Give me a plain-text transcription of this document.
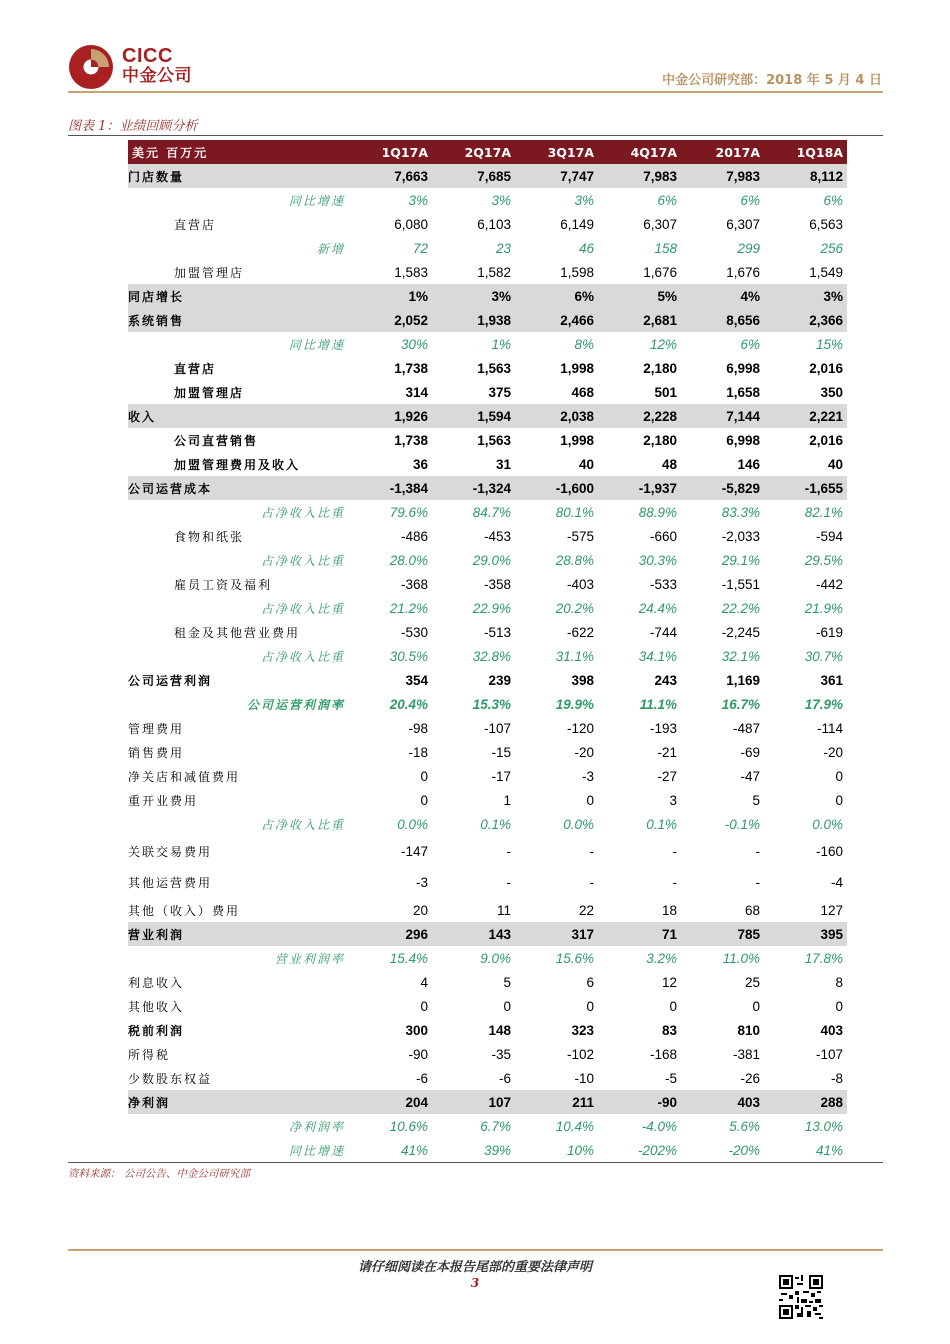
CICC
中金公司	中金公司研究部：2018 年 5 月 4 日
图表 1：业绩回顾分析
美元 百万元	1Q17A	2Q17A	3Q17A	4Q17A	2017A	1Q18A
门店数量	7,663	7,685	7,747	7,983	7,983	8,112
同比增速	3%	3%	3%	6%	6%	6%
直营店	6,080	6,103	6,149	6,307	6,307	6,563
新增	72	23	46	158	299	256
加盟管理店	1,583	1,582	1,598	1,676	1,676	1,549
同店增长	1%	3%	6%	5%	4%	3%
系统销售	2,052	1,938	2,466	2,681	8,656	2,366
同比增速	30%	1%	8%	12%	6%	15%
直营店	1,738	1,563	1,998	2,180	6,998	2,016
加盟管理店	314	375	468	501	1,658	350
收入	1,926	1,594	2,038	2,228	7,144	2,221
公司直营销售	1,738	1,563	1,998	2,180	6,998	2,016
加盟管理费用及收入	36	31	40	48	146	40
公司运营成本	-1,384	-1,324	-1,600	-1,937	-5,829	-1,655
占净收入比重	79.6%	84.7%	80.1%	88.9%	83.3%	82.1%
食物和纸张	-486	-453	-575	-660	-2,033	-594
占净收入比重	28.0%	29.0%	28.8%	30.3%	29.1%	29.5%
雇员工资及福利	-368	-358	-403	-533	-1,551	-442
占净收入比重	21.2%	22.9%	20.2%	24.4%	22.2%	21.9%
租金及其他营业费用	-530	-513	-622	-744	-2,245	-619
占净收入比重	30.5%	32.8%	31.1%	34.1%	32.1%	30.7%
公司运营利润	354	239	398	243	1,169	361
公司运营利润率	20.4%	15.3%	19.9%	11.1%	16.7%	17.9%
管理费用	-98	-107	-120	-193	-487	-114
销售费用	-18	-15	-20	-21	-69	-20
净关店和减值费用	0	-17	-3	-27	-47	0
重开业费用	0	1	0	3	5	0
占净收入比重	0.0%	0.1%	0.0%	0.1%	-0.1%	0.0%
关联交易费用	-147	-	-	-	-	-160
其他运营费用	-3	-	-	-	-	-4
其他（收入）费用	20	11	22	18	68	127
营业利润	296	143	317	71	785	395
营业利润率	15.4%	9.0%	15.6%	3.2%	11.0%	17.8%
利息收入	4	5	6	12	25	8
其他收入	0	0	0	0	0	0
税前利润	300	148	323	83	810	403
所得税	-90	-35	-102	-168	-381	-107
少数股东权益	-6	-6	-10	-5	-26	-8
净利润	204	107	211	-90	403	288
净利润率	10.6%	6.7%	10.4%	-4.0%	5.6%	13.0%
同比增速	41%	39%	10%	-202%	-20%	41%
资料来源： 公司公告、中金公司研究部
请仔细阅读在本报告尾部的重要法律声明
3
